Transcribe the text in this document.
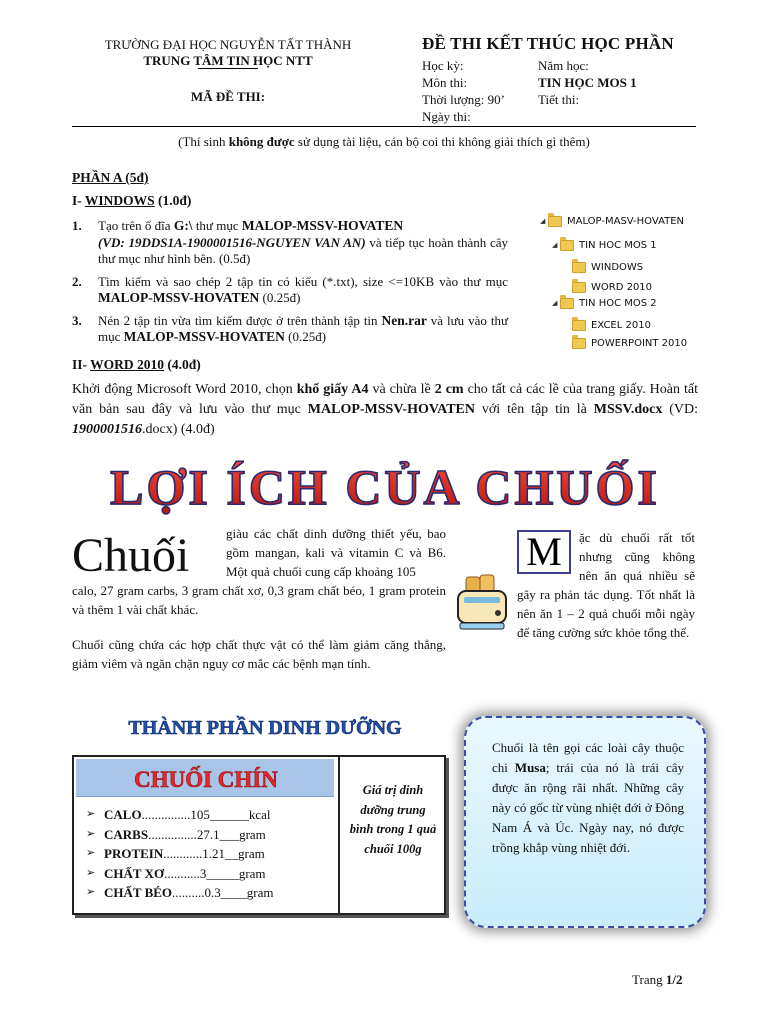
TRƯỜNG ĐẠI HỌC NGUYỄN TẤT THÀNH
TRUNG TÂM TIN HỌC NTT
MÃ ĐỀ THI:
ĐỀ THI KẾT THÚC HỌC PHẦN
Học kỳ:	Năm học:
Môn thi:	TIN HỌC MOS 1
Thời lượng: 90’	Tiết thi:
Ngày thi:
(Thí sinh không được sử dụng tài liệu, cán bộ coi thi không giải thích gì thêm)
PHẦN A (5đ)
I- WINDOWS (1.0đ)
1.	Tạo trên ổ đĩa G:\ thư mục MALOP-MSSV-HOVATEN
(VD: 19DDS1A-1900001516-NGUYEN VAN AN) và tiếp tục hoàn thành cây thư mục như hình bên. (0.5đ)
2.	Tìm kiếm và sao chép 2 tập tin có kiểu (*.txt), size <=10KB vào thư mục MALOP-MSSV-HOVATEN (0.25đ)
3.	Nén 2 tập tin vừa tìm kiếm được ở trên thành tập tin Nen.rar và lưu vào thư mục MALOP-MSSV-HOVATEN (0.25đ)
◢ MALOP-MASV-HOVATEN
◢ TIN HOC MOS 1
WINDOWS
WORD 2010
◢ TIN HOC MOS 2
EXCEL 2010
POWERPOINT 2010
II- WORD 2010 (4.0đ)
Khởi động Microsoft Word 2010, chọn khổ giấy A4 và chừa lề 2 cm cho tất cả các lề của trang giấy. Hoàn tất văn bản sau đây và lưu vào thư mục MALOP-MSSV-HOVATEN với tên tập tin là MSSV.docx (VD: 1900001516.docx) (4.0đ)
LỢI ÍCH CỦA CHUỐI
Chuối	giàu các chất dinh dưỡng thiết yếu, bao gồm mangan, kali và vitamin C và B6. Một quả chuối cung cấp khoảng 105
calo, 27 gram carbs, 3 gram chất xơ, 0,3 gram chất béo, 1 gram protein và thêm 1 vài chất khác.
Chuối cũng chứa các hợp chất thực vật có thể làm giảm căng thẳng, giảm viêm và ngăn chặn nguy cơ mắc các bệnh mạn tính.
M	ặc dù chuối rất tốt nhưng cũng không nên ăn quá nhiều sẽ gây ra phản tác dụng. Tốt nhất là nên ăn 1 – 2 quả chuối mỗi ngày để tăng cường sức khỏe tổng thể.
THÀNH PHẦN DINH DƯỠNG
CHUỐI CHÍN
➢ CALO ............... 105 ______ kcal
➢ CARBS ............... 27.1 ___ gram
➢ PROTEIN ............ 1.21 __ gram
➢ CHẤT XƠ ........... 3 _____ gram
➢ CHẤT BÉO .......... 0.3 ____ gram
Giá trị dinh dưỡng trung bình trong 1 quả chuối 100g
Chuối là tên gọi các loài cây thuộc chi Musa; trái của nó là trái cây được ăn rộng rãi nhất. Những cây này có gốc từ vùng nhiệt đới ở Đông Nam Á và Úc. Ngày nay, nó được trồng khắp vùng nhiệt đới.
Trang 1/2
